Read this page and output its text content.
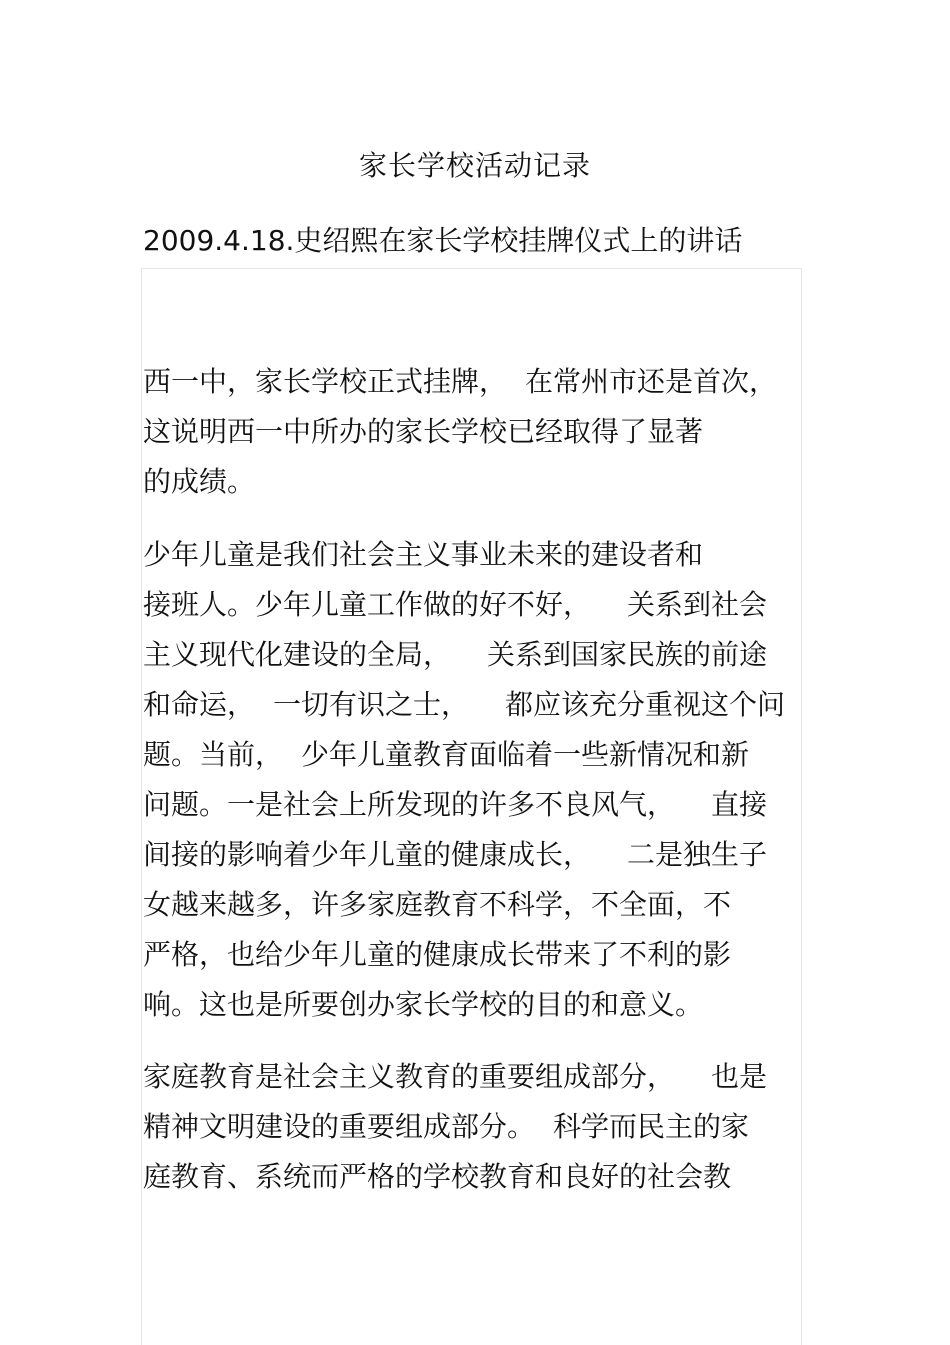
家长学校活动记录
2009.4.18.史绍熙在家长学校挂牌仪式上的讲话
西一中，家长学校正式挂牌， 在常州市还是首次，
这说明西一中所办的家长学校已经取得了显著
的成绩。
少年儿童是我们社会主义事业未来的建设者和
接班人。少年儿童工作做的好不好， 关系到社会
主义现代化建设的全局， 关系到国家民族的前途
和命运， 一切有识之士， 都应该充分重视这个问
题。当前， 少年儿童教育面临着一些新情况和新
问题。一是社会上所发现的许多不良风气， 直接
间接的影响着少年儿童的健康成长， 二是独生子
女越来越多，许多家庭教育不科学，不全面，不
严格，也给少年儿童的健康成长带来了不利的影
响。这也是所要创办家长学校的目的和意义。
家庭教育是社会主义教育的重要组成部分， 也是
精神文明建设的重要组成部分。 科学而民主的家
庭教育、系统而严格的学校教育和良好的社会教
